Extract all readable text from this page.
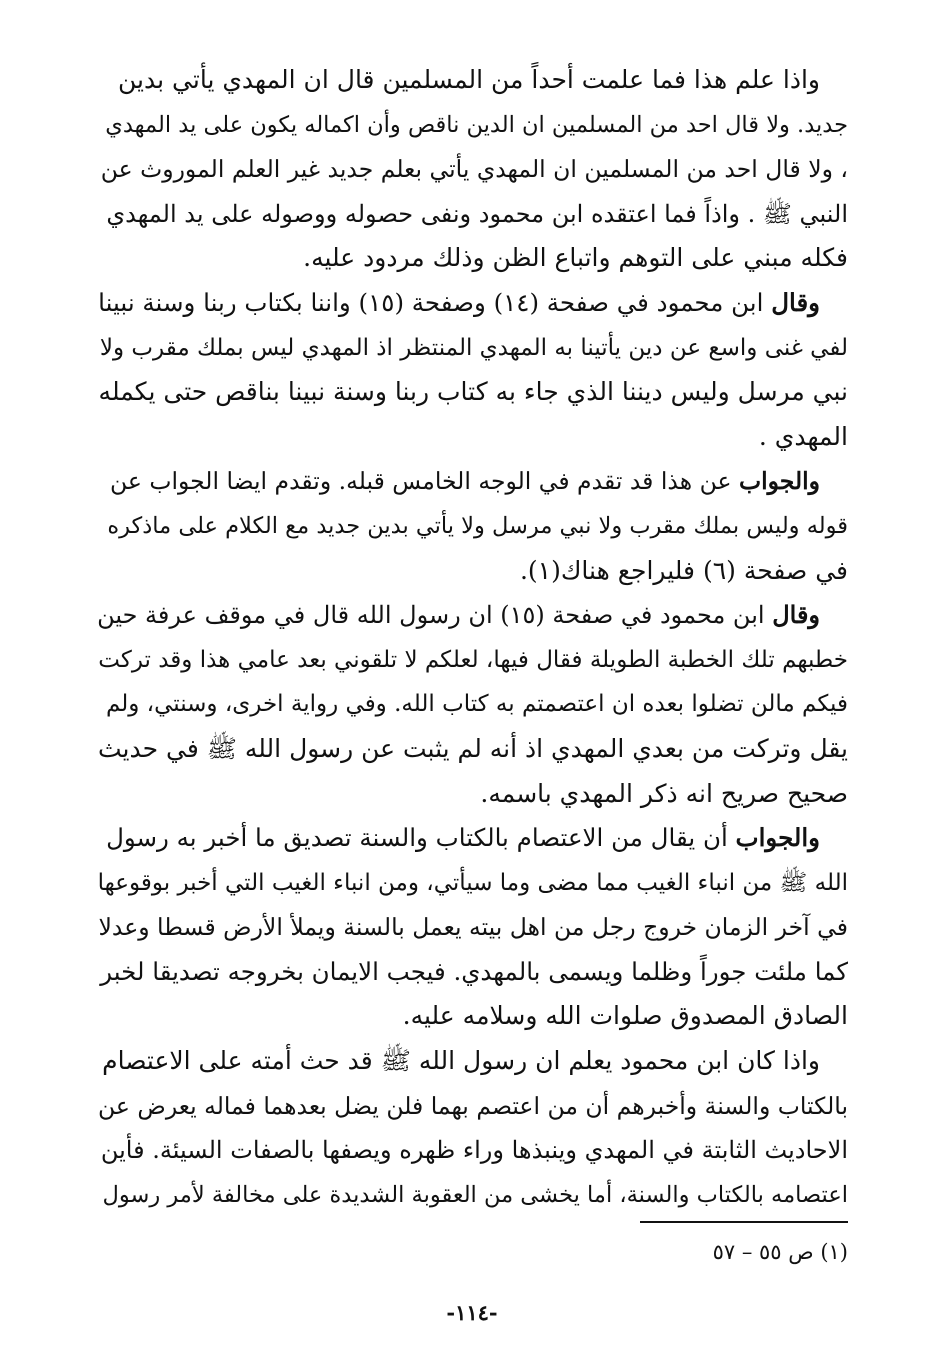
واذا علم هذا فما علمت أحداً من المسلمين قال ان المهدي يأتي بدين
جديد. ولا قال احد من المسلمين ان الدين ناقص وأن اكماله يكون على يد المهدي
، ولا قال احد من المسلمين ان المهدي يأتي بعلم جديد غير العلم الموروث عن
النبي ﷺ . واذاً فما اعتقده ابن محمود ونفى حصوله ووصوله على يد المهدي
فكله مبني على التوهم واتباع الظن وذلك مردود عليه.
وقال ابن محمود في صفحة (١٤) وصفحة (١٥) واننا بكتاب ربنا وسنة نبينا
لفي غنى واسع عن دين يأتينا به المهدي المنتظر اذ المهدي ليس بملك مقرب ولا
نبي مرسل وليس ديننا الذي جاء به كتاب ربنا وسنة نبينا بناقص حتى يكمله
المهدي .
والجواب عن هذا قد تقدم في الوجه الخامس قبله. وتقدم ايضا الجواب عن
قوله وليس بملك مقرب ولا نبي مرسل ولا يأتي بدين جديد مع الكلام على ماذكره
في صفحة (٦) فليراجع هناك(١).
وقال ابن محمود في صفحة (١٥) ان رسول الله قال في موقف عرفة حين
خطبهم تلك الخطبة الطويلة فقال فيها، لعلكم لا تلقوني بعد عامي هذا وقد تركت
فيكم مالن تضلوا بعده ان اعتصمتم به كتاب الله. وفي رواية اخرى، وسنتي، ولم
يقل وتركت من بعدي المهدي اذ أنه لم يثبت عن رسول الله ﷺ في حديث
صحيح صريح انه ذكر المهدي باسمه.
والجواب أن يقال من الاعتصام بالكتاب والسنة تصديق ما أخبر به رسول
الله ﷺ من انباء الغيب مما مضى وما سيأتي، ومن انباء الغيب التي أخبر بوقوعها
في آخر الزمان خروج رجل من اهل بيته يعمل بالسنة ويملأ الأرض قسطا وعدلا
كما ملئت جوراً وظلما ويسمى بالمهدي. فيجب الايمان بخروجه تصديقا لخبر
الصادق المصدوق صلوات الله وسلامه عليه.
واذا كان ابن محمود يعلم ان رسول الله ﷺ قد حث أمته على الاعتصام
بالكتاب والسنة وأخبرهم أن من اعتصم بهما فلن يضل بعدهما فماله يعرض عن
الاحاديث الثابتة في المهدي وينبذها وراء ظهره ويصفها بالصفات السيئة. فأين
اعتصامه بالكتاب والسنة، أما يخشى من العقوبة الشديدة على مخالفة لأمر رسول
(١) ص ٥٥ – ٥٧
-١١٤-
